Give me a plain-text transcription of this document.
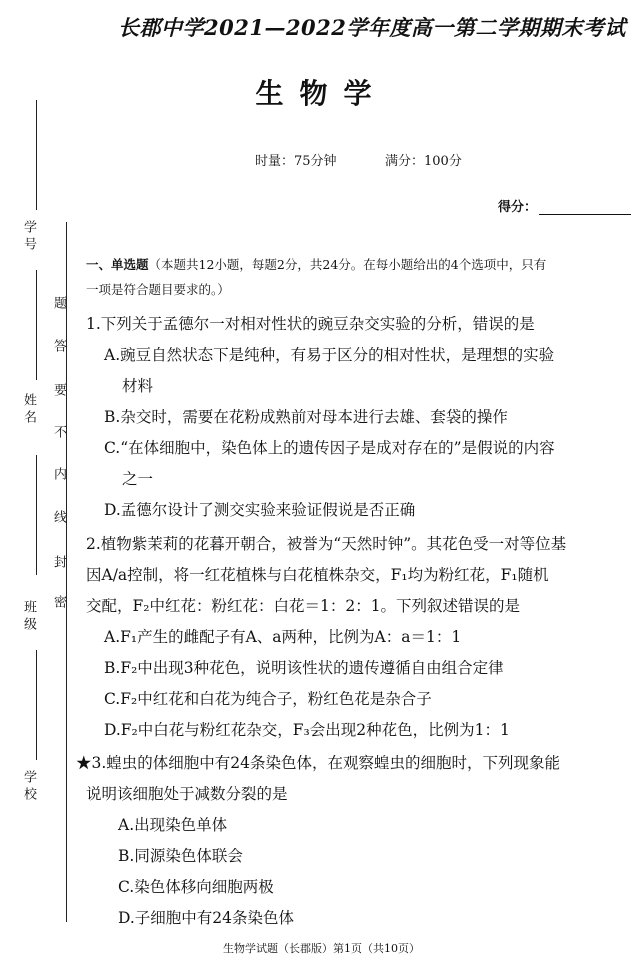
长郡中学2021—2022学年度高一第二学期期末考试
生物学
时量：75分钟	满分：100分
得分：
学 号
姓 名
班 级
学 校
密
封
线
内
不
要
答
题
一、单选题（本题共12小题，每题2分，共24分。在每小题给出的4个选项中，只有
一项是符合题目要求的。）
1.下列关于孟德尔一对相对性状的豌豆杂交实验的分析，错误的是
A.豌豆自然状态下是纯种，有易于区分的相对性状，是理想的实验
材料
B.杂交时，需要在花粉成熟前对母本进行去雄、套袋的操作
C.“在体细胞中，染色体上的遗传因子是成对存在的”是假说的内容
之一
D.孟德尔设计了测交实验来验证假说是否正确
2.植物紫茉莉的花暮开朝合，被誉为“天然时钟”。其花色受一对等位基
因A/a控制，将一红花植株与白花植株杂交，F₁均为粉红花，F₁随机
交配，F₂中红花：粉红花：白花＝1：2：1。下列叙述错误的是
A.F₁产生的雌配子有A、a两种，比例为A：a＝1：1
B.F₂中出现3种花色，说明该性状的遗传遵循自由组合定律
C.F₂中红花和白花为纯合子，粉红色花是杂合子
D.F₂中白花与粉红花杂交，F₃会出现2种花色，比例为1：1
★3.蝗虫的体细胞中有24条染色体，在观察蝗虫的细胞时，下列现象能
说明该细胞处于减数分裂的是
A.出现染色单体
B.同源染色体联会
C.染色体移向细胞两极
D.子细胞中有24条染色体
生物学试题（长郡版）第1页（共10页）
